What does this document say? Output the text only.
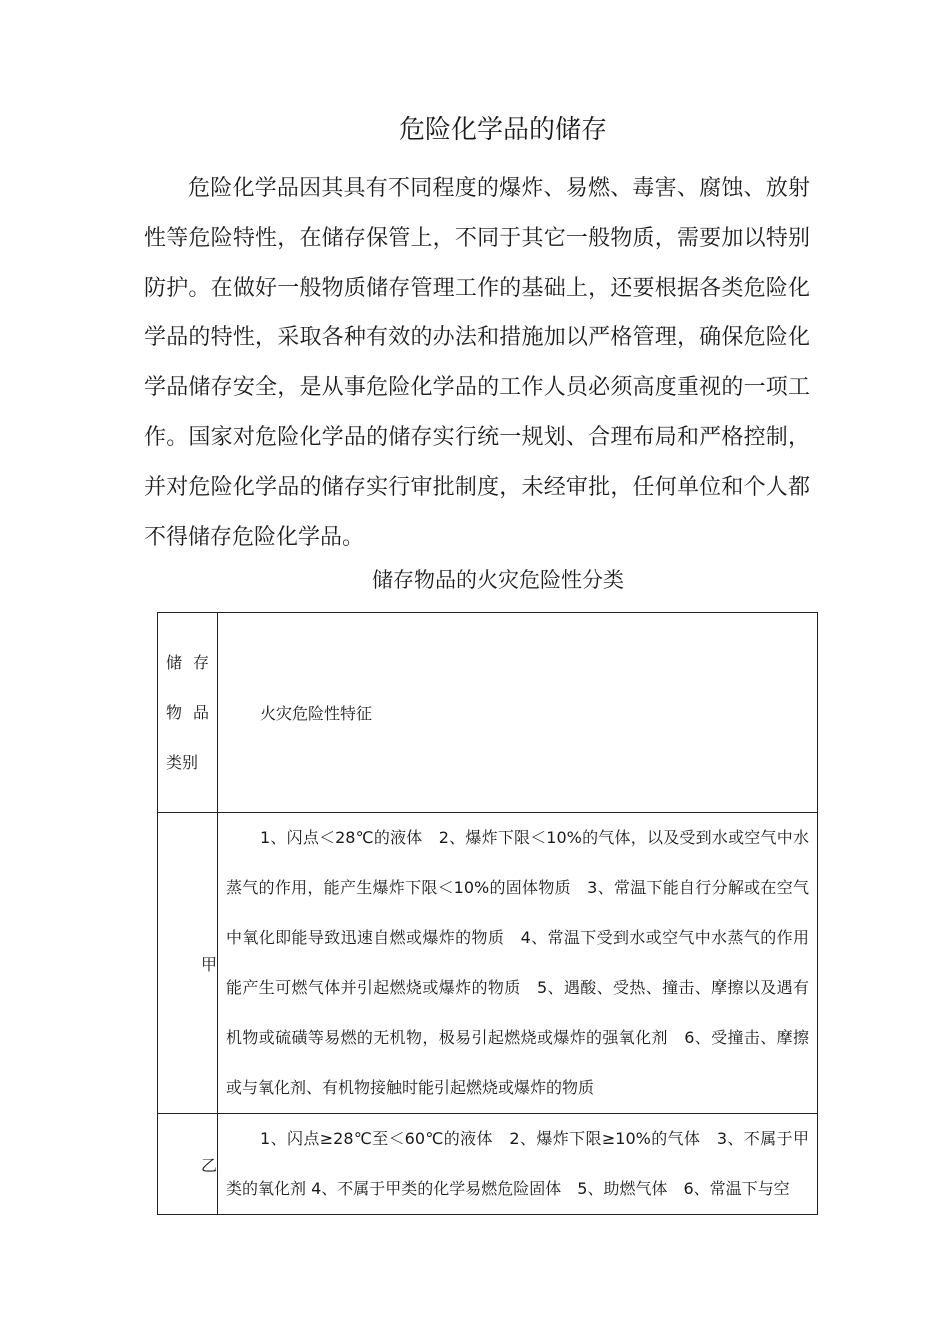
危险化学品的储存

危险化学品因其具有不同程度的爆炸、易燃、毒害、腐蚀、放射性等危险特性，在储存保管上，不同于其它一般物质，需要加以特别防护。在做好一般物质储存管理工作的基础上，还要根据各类危险化学品的特性，采取各种有效的办法和措施加以严格管理，确保危险化学品储存安全，是从事危险化学品的工作人员必须高度重视的一项工作。国家对危险化学品的储存实行统一规划、合理布局和严格控制，并对危险化学品的储存实行审批制度，未经审批，任何单位和个人都不得储存危险化学品。

储存物品的火灾危险性分类
储存物品类别	火灾危险性特征
甲	1、闪点＜28℃的液体　2、爆炸下限＜10%的气体，以及受到水或空气中水蒸气的作用，能产生爆炸下限＜10%的固体物质　3、常温下能自行分解或在空气中氧化即能导致迅速自燃或爆炸的物质　4、常温下受到水或空气中水蒸气的作用能产生可燃气体并引起燃烧或爆炸的物质　5、遇酸、受热、撞击、摩擦以及遇有机物或硫磺等易燃的无机物，极易引起燃烧或爆炸的强氧化剂　6、受撞击、摩擦或与氧化剂、有机物接触时能引起燃烧或爆炸的物质
乙	1、闪点≥28℃至＜60℃的液体　2、爆炸下限≥10%的气体　3、不属于甲类的氧化剂 4、不属于甲类的化学易燃危险固体　5、助燃气体　6、常温下与空
